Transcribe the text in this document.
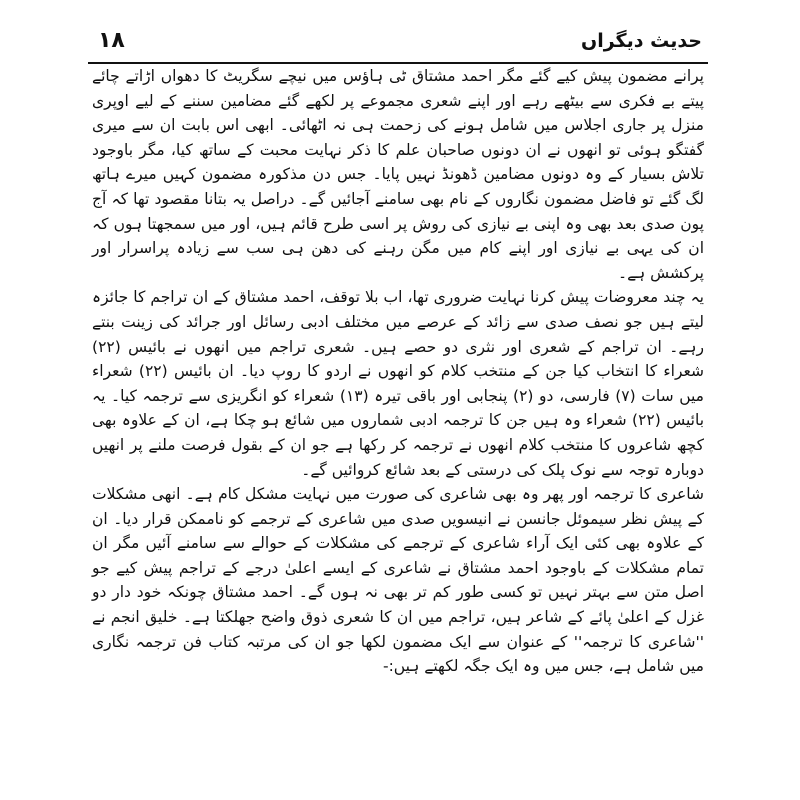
حدیث دیگراں
۱۸

پرانے مضمون پیش کیے گئے مگر احمد مشتاق ٹی ہاؤس میں نیچے سگریٹ کا دھواں اڑاتے چائے پیتے بے فکری سے بیٹھے رہے اور اپنے شعری مجموعے پر لکھے گئے مضامین سننے کے لیے اوپری منزل پر جاری اجلاس میں شامل ہونے کی زحمت ہی نہ اٹھائی۔ ابھی اس بابت ان سے میری گفتگو ہوئی تو انھوں نے ان دونوں صاحبان علم کا ذکر نہایت محبت کے ساتھ کیا، مگر باوجود تلاش بسیار کے وہ دونوں مضامین ڈھونڈ نہیں پایا۔ جس دن مذکورہ مضمون کہیں میرے ہاتھ لگ گئے تو فاضل مضمون نگاروں کے نام بھی سامنے آجائیں گے۔ دراصل یہ بتانا مقصود تھا کہ آج پون صدی بعد بھی وہ اپنی بے نیازی کی روش پر اسی طرح قائم ہیں، اور میں سمجھتا ہوں کہ ان کی یہی بے نیازی اور اپنے کام میں مگن رہنے کی دھن ہی سب سے زیادہ پراسرار اور پرکشش ہے۔

یہ چند معروضات پیش کرنا نہایت ضروری تھا، اب بلا توقف، احمد مشتاق کے ان تراجم کا جائزہ لیتے ہیں جو نصف صدی سے زائد کے عرصے میں مختلف ادبی رسائل اور جرائد کی زینت بنتے رہے۔ ان تراجم کے شعری اور نثری دو حصے ہیں۔ شعری تراجم میں انھوں نے بائیس (۲۲) شعراء کا انتخاب کیا جن کے منتخب کلام کو انھوں نے اردو کا روپ دیا۔ ان بائیس (۲۲) شعراء میں سات (۷) فارسی، دو (۲) پنجابی اور باقی تیرہ (۱۳) شعراء کو انگریزی سے ترجمہ کیا۔ یہ بائیس (۲۲) شعراء وہ ہیں جن کا ترجمہ ادبی شماروں میں شائع ہو چکا ہے، ان کے علاوہ بھی کچھ شاعروں کا منتخب کلام انھوں نے ترجمہ کر رکھا ہے جو ان کے بقول فرصت ملنے پر انھیں دوبارہ توجہ سے نوک پلک کی درستی کے بعد شائع کروائیں گے۔

شاعری کا ترجمہ اور پھر وہ بھی شاعری کی صورت میں نہایت مشکل کام ہے۔ انھی مشکلات کے پیش نظر سیموئل جانسن نے انیسویں صدی میں شاعری کے ترجمے کو ناممکن قرار دیا۔ ان کے علاوہ بھی کئی ایک آراء شاعری کے ترجمے کی مشکلات کے حوالے سے سامنے آئیں مگر ان تمام مشکلات کے باوجود احمد مشتاق نے شاعری کے ایسے اعلیٰ درجے کے تراجم پیش کیے جو اصل متن سے بہتر نہیں تو کسی طور کم تر بھی نہ ہوں گے۔ احمد مشتاق چونکہ خود دار دو غزل کے اعلیٰ پائے کے شاعر ہیں، تراجم میں ان کا شعری ذوق واضح جھلکتا ہے۔ خلیق انجم نے ''شاعری کا ترجمہ'' کے عنوان سے ایک مضمون لکھا جو ان کی مرتبہ کتاب فن ترجمہ نگاری میں شامل ہے، جس میں وہ ایک جگہ لکھتے ہیں:-
